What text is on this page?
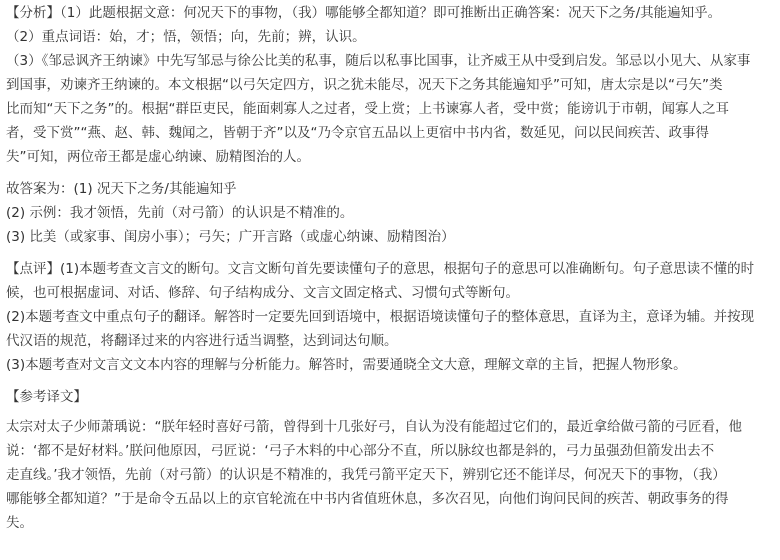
【分析】（1）此题根据文意：何况天下的事物，（我）哪能够全都知道？即可推断出正确答案：况天下之务/其能遍知乎。
（2）重点词语：始，才；悟，领悟；向，先前；辨，认识。
（3）《邹忌讽齐王纳谏》中先写邹忌与徐公比美的私事，随后以私事比国事，让齐威王从中受到启发。邹忌以小见大、从家事
到国事，劝谏齐王纳谏的。本文根据“以弓矢定四方，识之犹未能尽，况天下之务其能遍知乎”可知，唐太宗是以“弓矢”类
比而知“天下之务”的。根据“群臣吏民，能面刺寡人之过者，受上赏；上书谏寡人者，受中赏；能谤讥于市朝，闻寡人之耳
者，受下赏”“燕、赵、韩、魏闻之，皆朝于齐”以及“乃令京官五品以上更宿中书内省，数延见，问以民间疾苦、政事得
失”可知，两位帝王都是虚心纳谏、励精图治的人。
故答案为：(1) 况天下之务/其能遍知乎
(2) 示例：我才领悟，先前（对弓箭）的认识是不精准的。
(3) 比美（或家事、闺房小事）；弓矢；广开言路（或虚心纳谏、励精图治）
【点评】(1)本题考查文言文的断句。文言文断句首先要读懂句子的意思，根据句子的意思可以准确断句。句子意思读不懂的时
候，也可根据虚词、对话、修辞、句子结构成分、文言文固定格式、习惯句式等断句。
(2)本题考查文中重点句子的翻译。解答时一定要先回到语境中，根据语境读懂句子的整体意思，直译为主，意译为辅。并按现
代汉语的规范，将翻译过来的内容进行适当调整，达到词达句顺。
(3)本题考查对文言文文本内容的理解与分析能力。解答时，需要通晓全文大意，理解文章的主旨，把握人物形象。
【参考译文】
太宗对太子少师萧瑀说：“朕年轻时喜好弓箭，曾得到十几张好弓，自认为没有能超过它们的，最近拿给做弓箭的弓匠看，他
说：‘都不是好材料。’朕问他原因，弓匠说：‘弓子木料的中心部分不直，所以脉纹也都是斜的，弓力虽强劲但箭发出去不
走直线。’我才领悟，先前（对弓箭）的认识是不精准的，我凭弓箭平定天下，辨别它还不能详尽，何况天下的事物，（我）
哪能够全都知道？”于是命令五品以上的京官轮流在中书内省值班休息，多次召见，向他们询问民间的疾苦、朝政事务的得
失。
